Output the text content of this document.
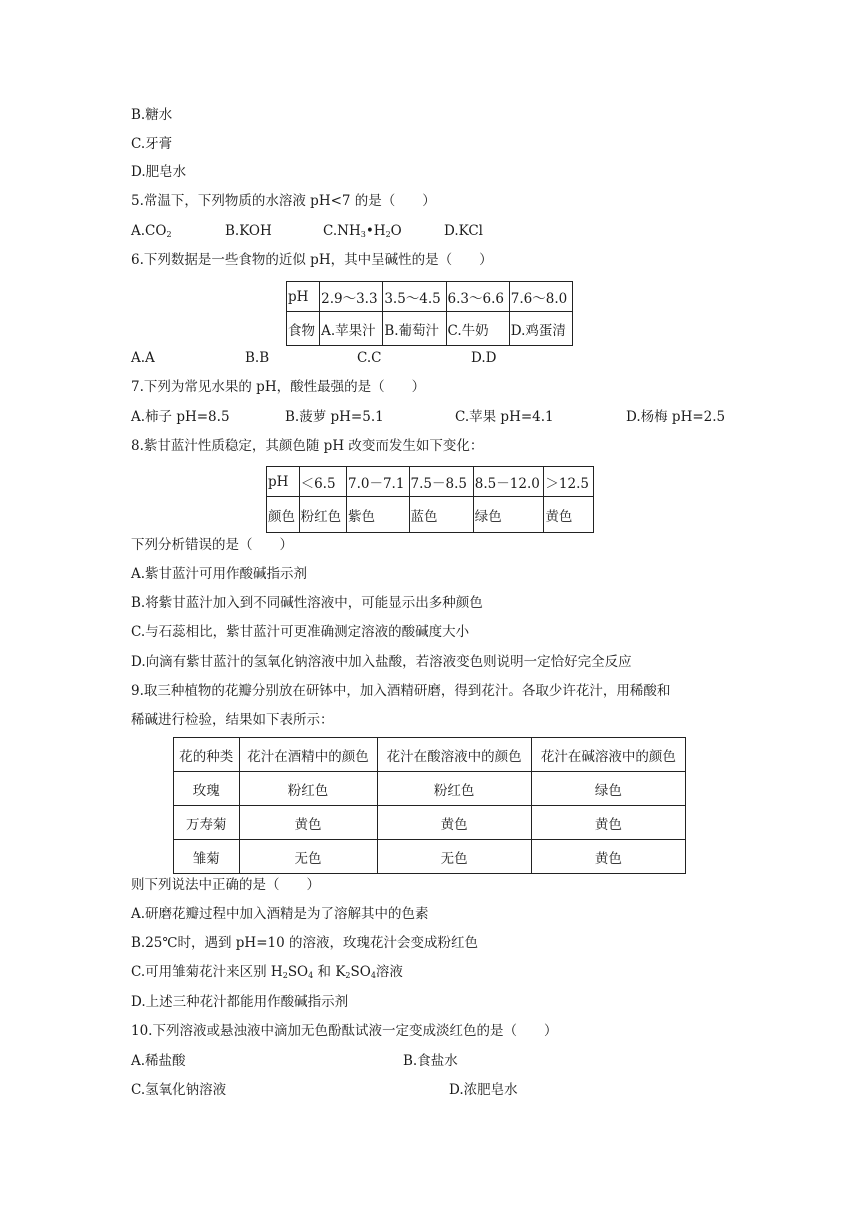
B.糖水
C.牙膏
D.肥皂水
5.常温下，下列物质的水溶液 pH<7 的是（　　）
$A.CO_2$	B.KOH	$C.NH_3•H_2O$	D.KCl
6.下列数据是一些食物的近似 pH，其中呈碱性的是（　　）
pH	2.9～3.3	3.5～4.5	6.3～6.6	7.6～8.0
食物	A.苹果汁	B.葡萄汁	C.牛奶	D.鸡蛋清
A.A	B.B	C.C	D.D
7.下列为常见水果的 pH，酸性最强的是（　　）
A.柿子 pH=8.5	B.菠萝 pH=5.1	C.苹果 pH=4.1	D.杨梅 pH=2.5
8.紫甘蓝汁性质稳定，其颜色随 pH 改变而发生如下变化：
pH	＜6.5	7.0－7.1	7.5－8.5	8.5－12.0	＞12.5
颜色	粉红色	紫色	蓝色	绿色	黄色
下列分析错误的是（　　）
A.紫甘蓝汁可用作酸碱指示剂
B.将紫甘蓝汁加入到不同碱性溶液中，可能显示出多种颜色
C.与石蕊相比，紫甘蓝汁可更准确测定溶液的酸碱度大小
D.向滴有紫甘蓝汁的氢氧化钠溶液中加入盐酸，若溶液变色则说明一定恰好完全反应
9.取三种植物的花瓣分别放在研钵中，加入酒精研磨，得到花汁。各取少许花汁，用稀酸和
稀碱进行检验，结果如下表所示：
花的种类	花汁在酒精中的颜色	花汁在酸溶液中的颜色	花汁在碱溶液中的颜色
玫瑰	粉红色	粉红色	绿色
万寿菊	黄色	黄色	黄色
雏菊	无色	无色	黄色
则下列说法中正确的是（　　）
A.研磨花瓣过程中加入酒精是为了溶解其中的色素
B.25℃时，遇到 pH=10 的溶液，玫瑰花汁会变成粉红色
C.可用雏菊花汁来区别 $H_2SO_4$ 和 $K_2SO_4$溶液
D.上述三种花汁都能用作酸碱指示剂
10.下列溶液或悬浊液中滴加无色酚酞试液一定变成淡红色的是（　　）
A.稀盐酸	B.食盐水
C.氢氧化钠溶液	D.浓肥皂水
